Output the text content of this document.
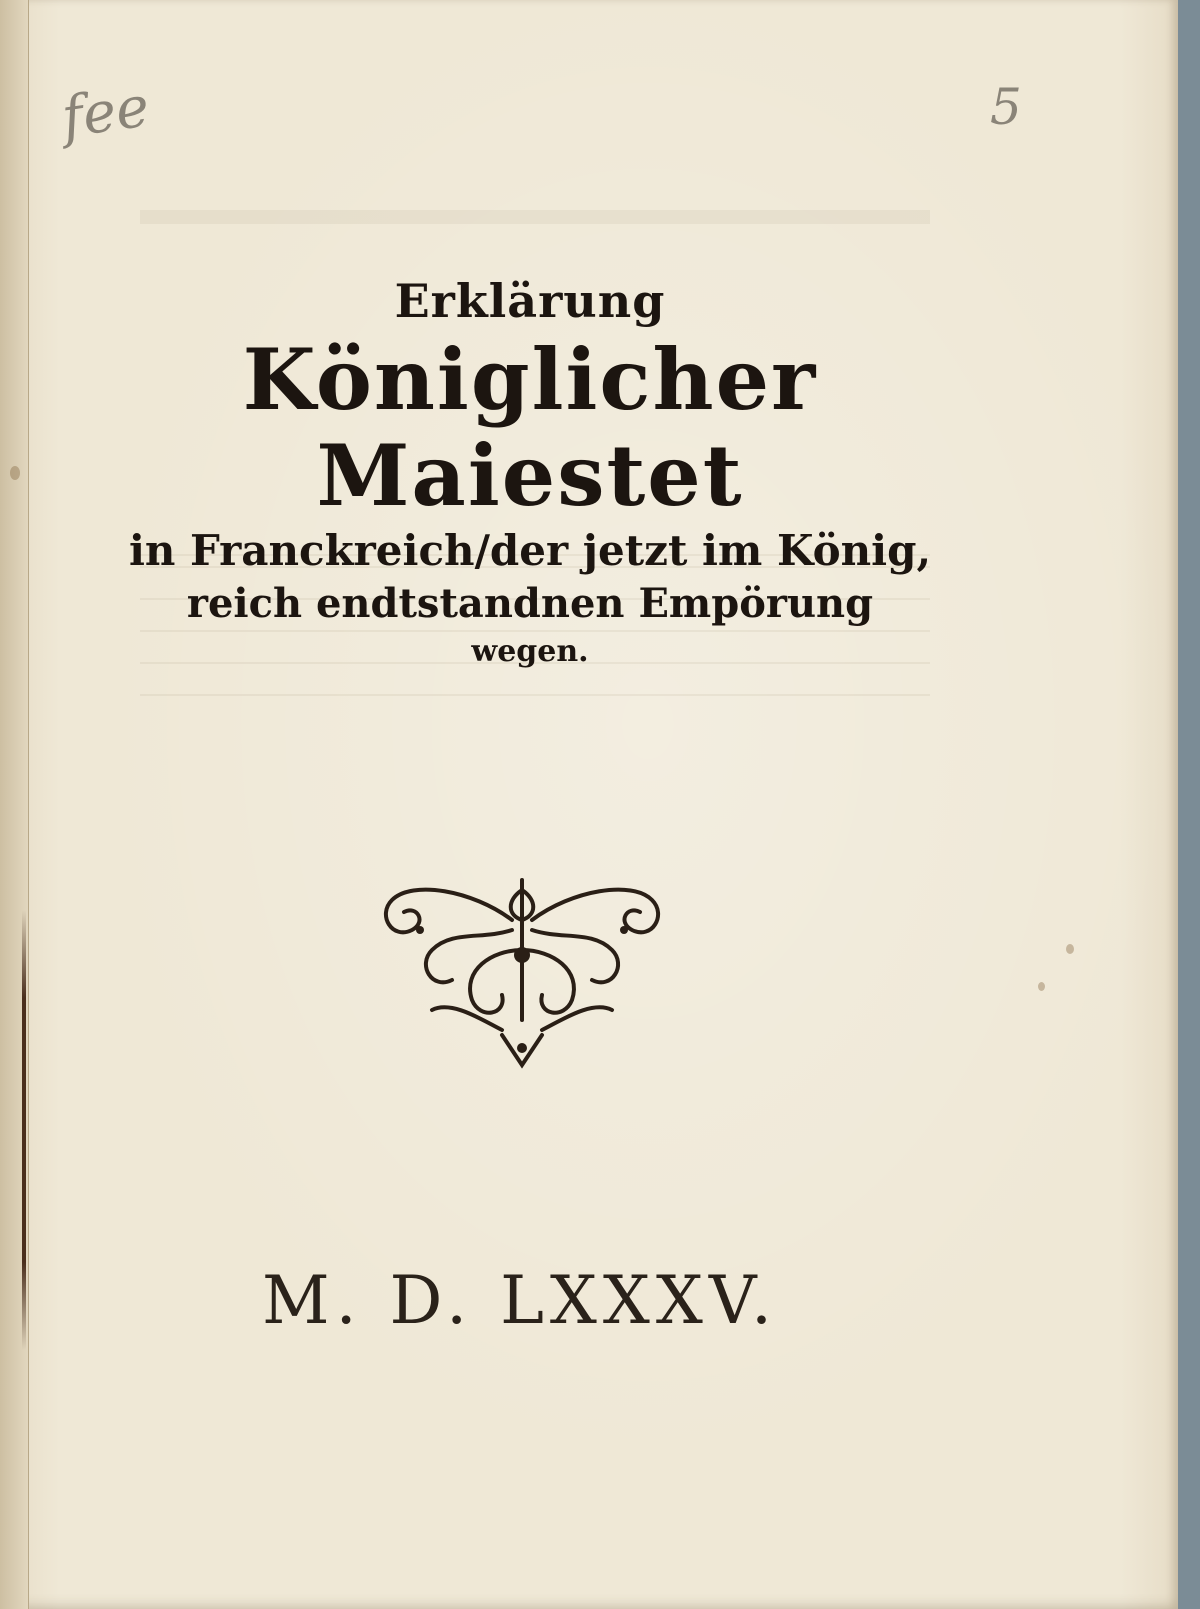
fee	5
Erklärung
Königlicher Maiestet
in Franckreich/der jetzt im König,
reich endtstandnen Empörung
wegen.
M. D. LXXXV.
